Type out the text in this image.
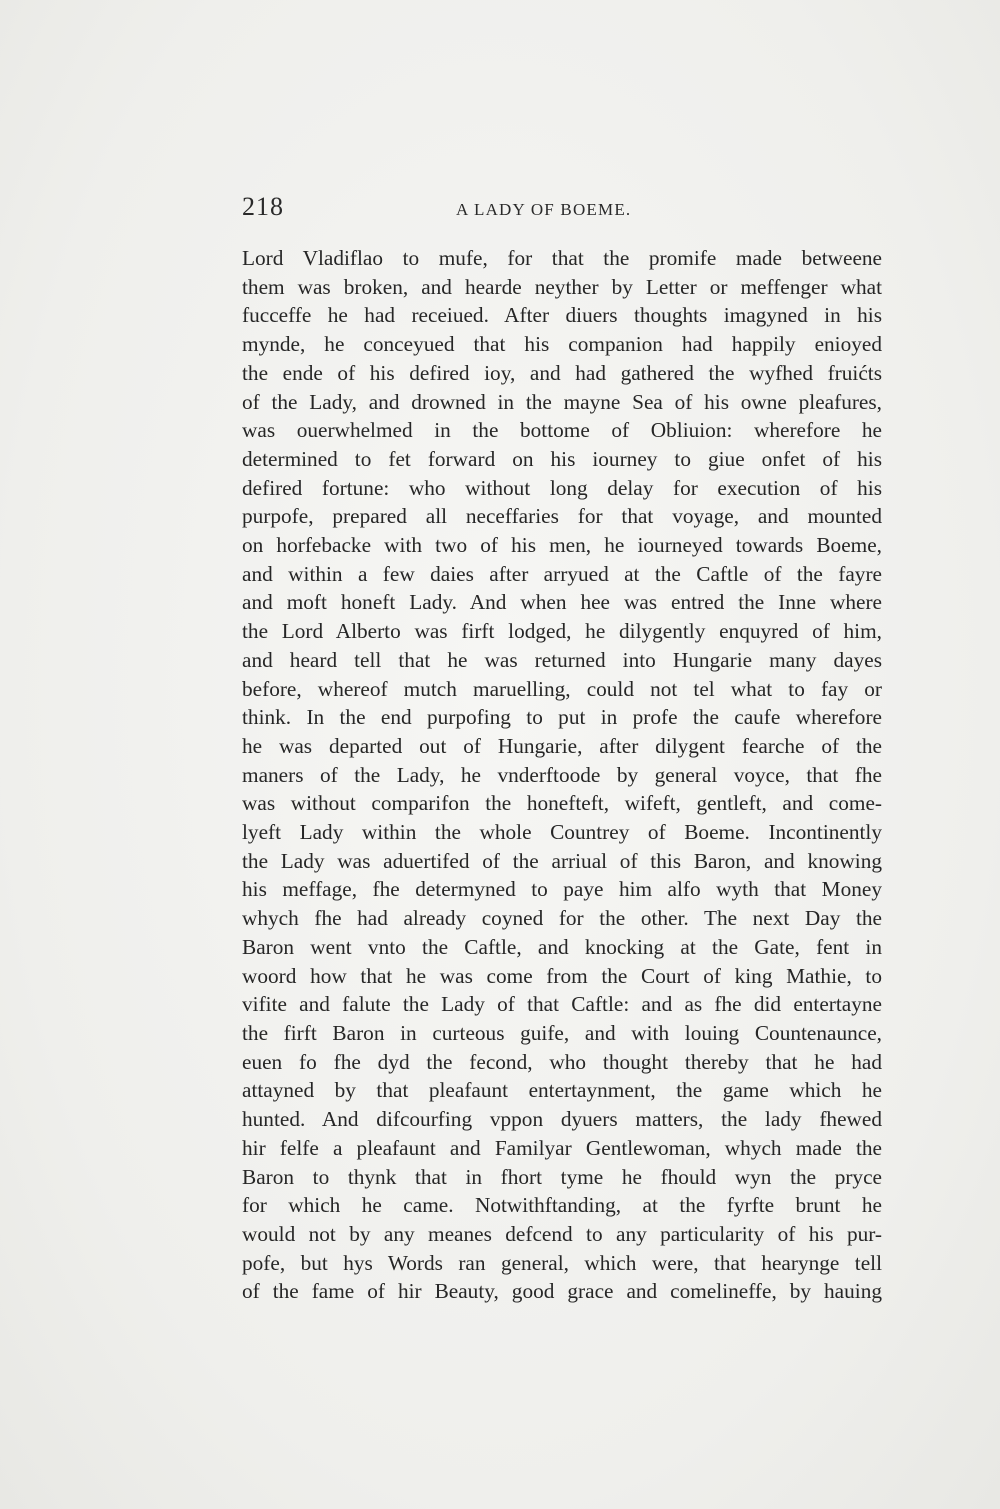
218	A LADY OF BOEME.
Lord Vladiflao to mufe, for that the promife made betweene
them was broken, and hearde neyther by Letter or meffenger what
fucceffe he had receiued. After diuers thoughts imagyned in his
mynde, he conceyued that his companion had happily enioyed
the ende of his defired ioy, and had gathered the wyfhed fruićts
of the Lady, and drowned in the mayne Sea of his owne pleafures,
was ouerwhelmed in the bottome of Obliuion: wherefore he
determined to fet forward on his iourney to giue onfet of his
defired fortune: who without long delay for execution of his
purpofe, prepared all neceffaries for that voyage, and mounted
on horfebacke with two of his men, he iourneyed towards Boeme,
and within a few daies after arryued at the Caftle of the fayre
and moft honeft Lady. And when hee was entred the Inne where
the Lord Alberto was firft lodged, he dilygently enquyred of him,
and heard tell that he was returned into Hungarie many dayes
before, whereof mutch maruelling, could not tel what to fay or
think. In the end purpofing to put in profe the caufe wherefore
he was departed out of Hungarie, after dilygent fearche of the
maners of the Lady, he vnderftoode by general voyce, that fhe
was without comparifon the honefteft, wifeft, gentleft, and come-
lyeft Lady within the whole Countrey of Boeme. Incontinently
the Lady was aduertifed of the arriual of this Baron, and knowing
his meffage, fhe determyned to paye him alfo wyth that Money
whych fhe had already coyned for the other. The next Day the
Baron went vnto the Caftle, and knocking at the Gate, fent in
woord how that he was come from the Court of king Mathie, to
vifite and falute the Lady of that Caftle: and as fhe did entertayne
the firft Baron in curteous guife, and with louing Countenaunce,
euen fo fhe dyd the fecond, who thought thereby that he had
attayned by that pleafaunt entertaynment, the game which he
hunted. And difcourfing vppon dyuers matters, the lady fhewed
hir felfe a pleafaunt and Familyar Gentlewoman, whych made the
Baron to thynk that in fhort tyme he fhould wyn the pryce
for which he came. Notwithftanding, at the fyrfte brunt he
would not by any meanes defcend to any particularity of his pur-
pofe, but hys Words ran general, which were, that hearynge tell
of the fame of hir Beauty, good grace and comelineffe, by hauing
